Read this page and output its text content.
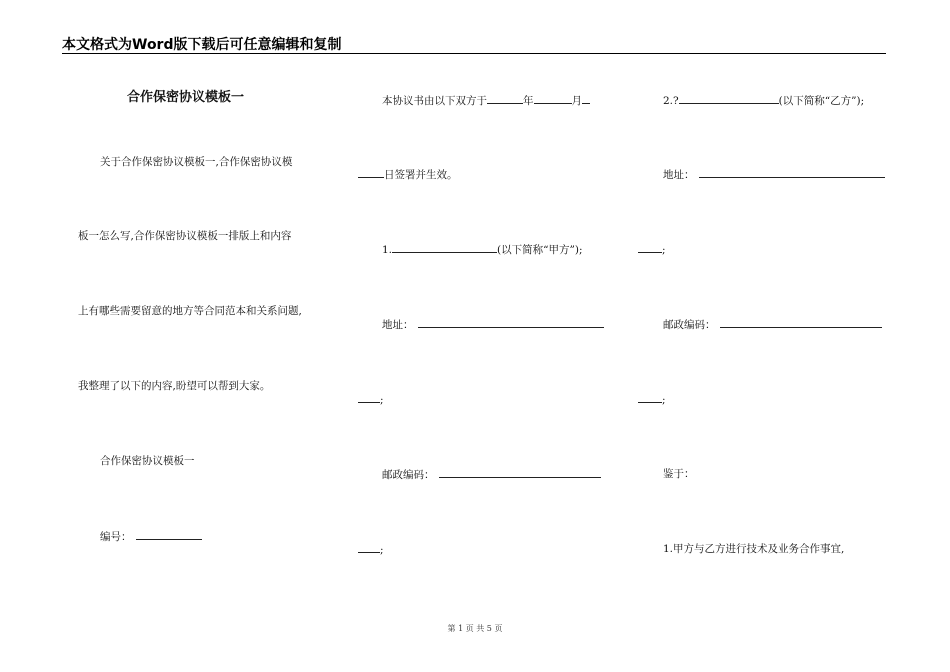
本文格式为Word版下载后可任意编辑和复制
合作保密协议模板一
关于合作保密协议模板一,合作保密协议模
板一怎么写,合作保密协议模板一排版上和内容
上有哪些需要留意的地方等合同范本和关系问题,
我整理了以下的内容,盼望可以帮到大家。
合作保密协议模板一
编号：
本协议书由以下双方于	年	月
日签署并生效。
1.	(以下简称“甲方”);
地址：
;
邮政编码：
;
2.?	(以下简称“乙方”);
地址：
;
邮政编码：
;
鉴于：
1.甲方与乙方进行技术及业务合作事宜,
第 1 页 共 5 页
